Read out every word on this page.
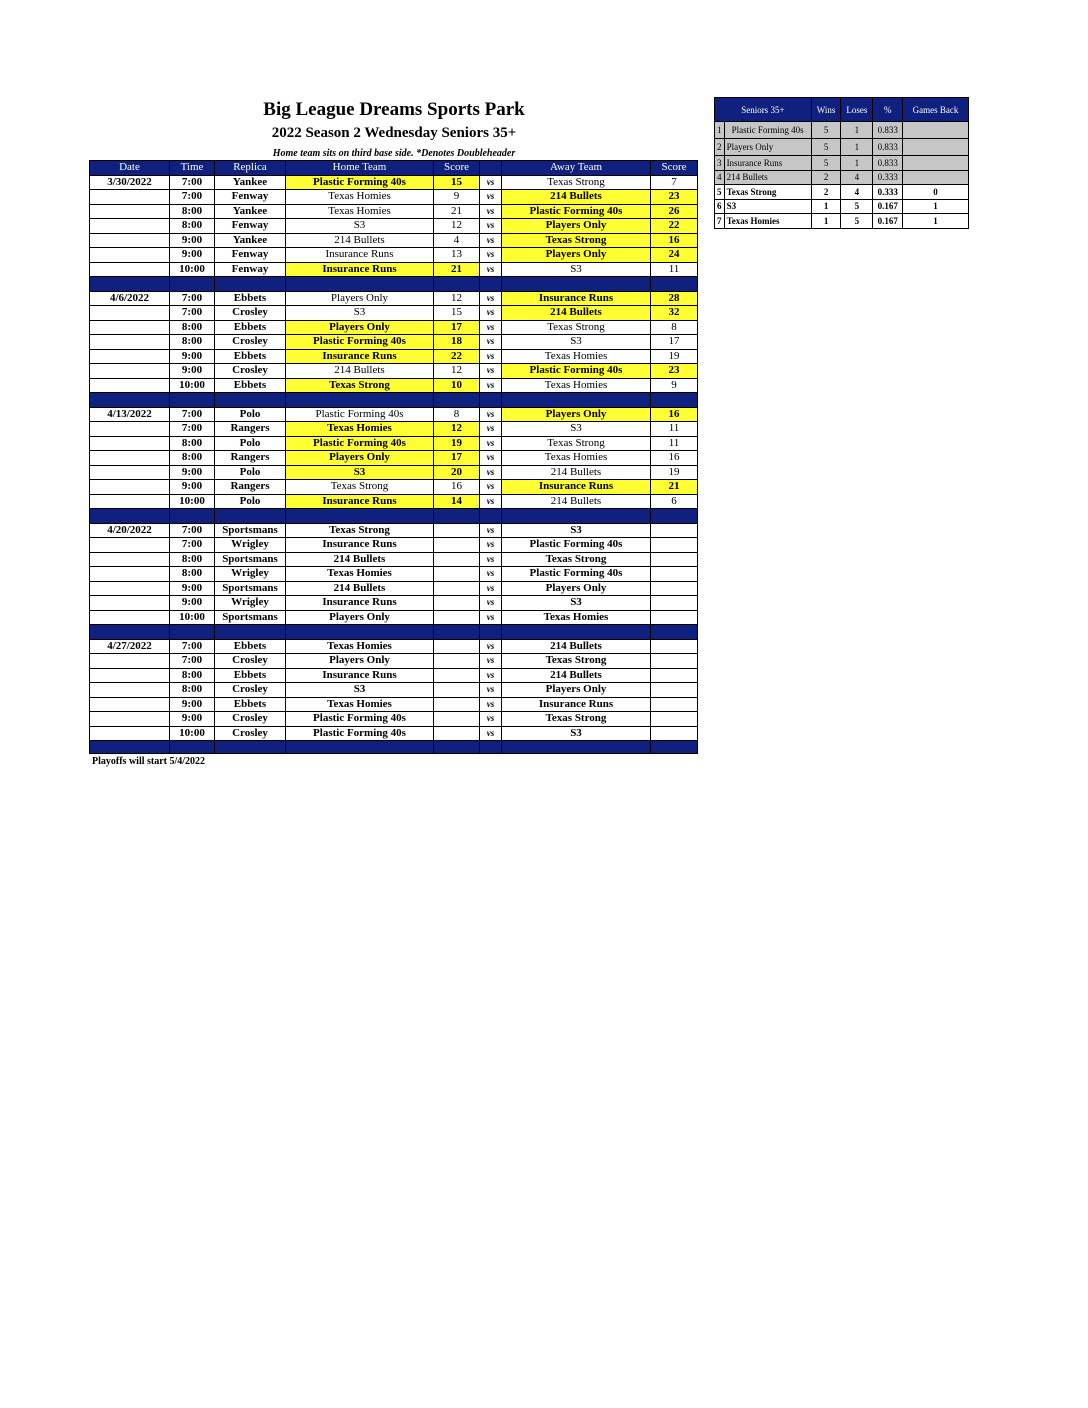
Big League Dreams Sports Park
2022 Season 2 Wednesday Seniors 35+
Home team sits on third base side. *Denotes Doubleheader
Date	Time	Replica	Home Team	Score		Away Team	Score
3/30/2022	7:00	Yankee	Plastic Forming 40s	15	vs	Texas Strong	7
	7:00	Fenway	Texas Homies	9	vs	214 Bullets	23
	8:00	Yankee	Texas Homies	21	vs	Plastic Forming 40s	26
	8:00	Fenway	S3	12	vs	Players Only	22
	9:00	Yankee	214 Bullets	4	vs	Texas Strong	16
	9:00	Fenway	Insurance Runs	13	vs	Players Only	24
	10:00	Fenway	Insurance Runs	21	vs	S3	11

4/6/2022	7:00	Ebbets	Players Only	12	vs	Insurance Runs	28
	7:00	Crosley	S3	15	vs	214 Bullets	32
	8:00	Ebbets	Players Only	17	vs	Texas Strong	8
	8:00	Crosley	Plastic Forming 40s	18	vs	S3	17
	9:00	Ebbets	Insurance Runs	22	vs	Texas Homies	19
	9:00	Crosley	214 Bullets	12	vs	Plastic Forming 40s	23
	10:00	Ebbets	Texas Strong	10	vs	Texas Homies	9

4/13/2022	7:00	Polo	Plastic Forming 40s	8	vs	Players Only	16
	7:00	Rangers	Texas Homies	12	vs	S3	11
	8:00	Polo	Plastic Forming 40s	19	vs	Texas Strong	11
	8:00	Rangers	Players Only	17	vs	Texas Homies	16
	9:00	Polo	S3	20	vs	214 Bullets	19
	9:00	Rangers	Texas Strong	16	vs	Insurance Runs	21
	10:00	Polo	Insurance Runs	14	vs	214 Bullets	6

4/20/2022	7:00	Sportsmans	Texas Strong		vs	S3	
	7:00	Wrigley	Insurance Runs		vs	Plastic Forming 40s	
	8:00	Sportsmans	214 Bullets		vs	Texas Strong	
	8:00	Wrigley	Texas Homies		vs	Plastic Forming 40s	
	9:00	Sportsmans	214 Bullets		vs	Players Only	
	9:00	Wrigley	Insurance Runs		vs	S3	
	10:00	Sportsmans	Players Only		vs	Texas Homies	

4/27/2022	7:00	Ebbets	Texas Homies		vs	214 Bullets	
	7:00	Crosley	Players Only		vs	Texas Strong	
	8:00	Ebbets	Insurance Runs		vs	214 Bullets	
	8:00	Crosley	S3		vs	Players Only	
	9:00	Ebbets	Texas Homies		vs	Insurance Runs	
	9:00	Crosley	Plastic Forming 40s		vs	Texas Strong	
	10:00	Crosley	Plastic Forming 40s		vs	S3	

Playoffs will start 5/4/2022
Seniors 35+		Wins	Loses	%	Games Back
1	Plastic Forming 40s	5	1	0.833	
2	Players Only	5	1	0.833	
3	Insurance Runs	5	1	0.833	
4	214 Bullets	2	4	0.333	
5	Texas Strong	2	4	0.333	0
6	S3	1	5	0.167	1
7	Texas Homies	1	5	0.167	1
